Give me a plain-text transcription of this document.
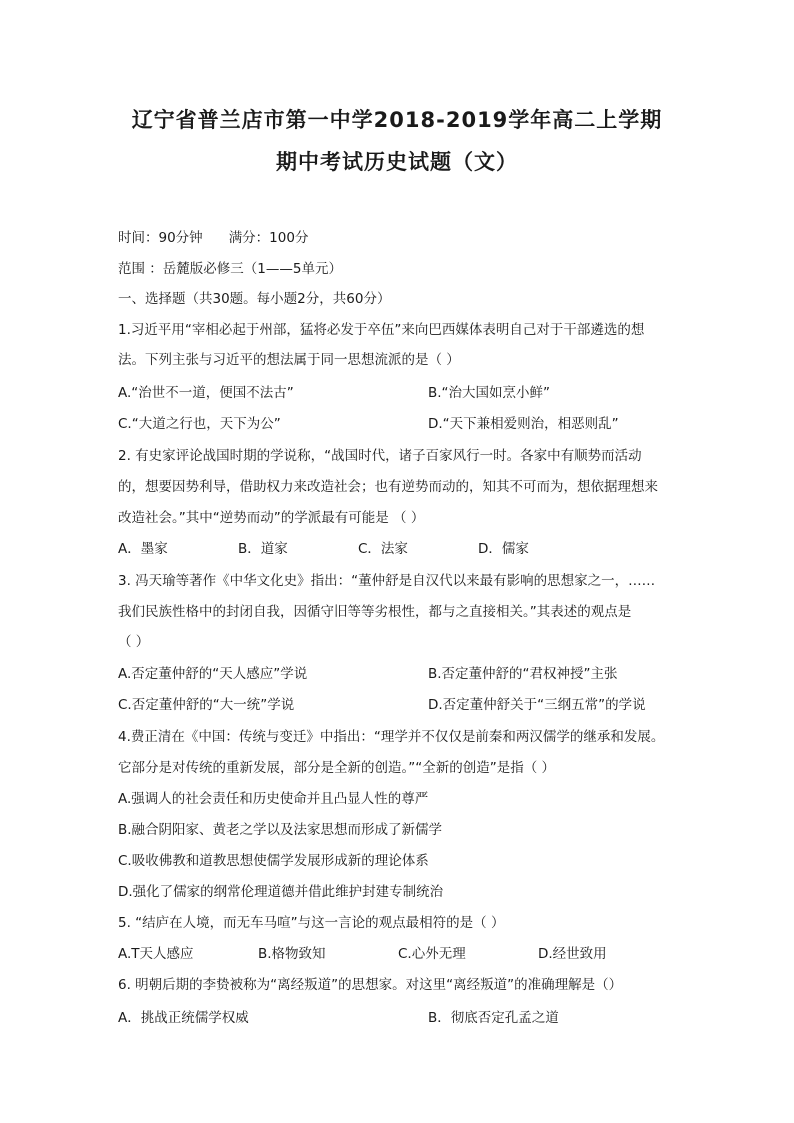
辽宁省普兰店市第一中学2018-2019学年高二上学期
期中考试历史试题（文）
时间：90分钟 满分：100分
范围 ：岳麓版必修三（1——5单元）
一、选择题（共30题。每小题2分，共60分）
1.习近平用“宰相必起于州部，猛将必发于卒伍”来向巴西媒体表明自己对于干部遴选的想
法。下列主张与习近平的想法属于同一思想流派的是（ ）
A.“治世不一道，便国不法古”	B.“治大国如烹小鲜”
C.“大道之行也，天下为公”	D.“天下兼相爱则治，相恶则乱”
2. 有史家评论战国时期的学说称，“战国时代，诸子百家风行一时。各家中有顺势而活动
的，想要因势利导，借助权力来改造社会；也有逆势而动的，知其不可而为，想依据理想来
改造社会。”其中“逆势而动”的学派最有可能是 （ ）
A．墨家	B．道家	C．法家	D．儒家
3. 冯天瑜等著作《中华文化史》指出：“董仲舒是自汉代以来最有影响的思想家之一，……
我们民族性格中的封闭自我，因循守旧等等劣根性，都与之直接相关。”其表述的观点是
（ ）
A.否定董仲舒的“天人感应”学说	B.否定董仲舒的“君权神授”主张
C.否定董仲舒的“大一统”学说	D.否定董仲舒关于“三纲五常”的学说
4.费正清在《中国：传统与变迁》中指出：“理学并不仅仅是前秦和两汉儒学的继承和发展。
它部分是对传统的重新发展，部分是全新的创造。”“全新的创造”是指（ ）
A.强调人的社会责任和历史使命并且凸显人性的尊严
B.融合阴阳家、黄老之学以及法家思想而形成了新儒学
C.吸收佛教和道教思想使儒学发展形成新的理论体系
D.强化了儒家的纲常伦理道德并借此维护封建专制统治
5. “结庐在人境，而无车马喧”与这一言论的观点最相符的是（ ）
A.T天人感应	B.格物致知	C.心外无理	D.经世致用
6. 明朝后期的李贽被称为“离经叛道”的思想家。对这里“离经叛道”的准确理解是（）
A．挑战正统儒学权威	B．彻底否定孔孟之道
